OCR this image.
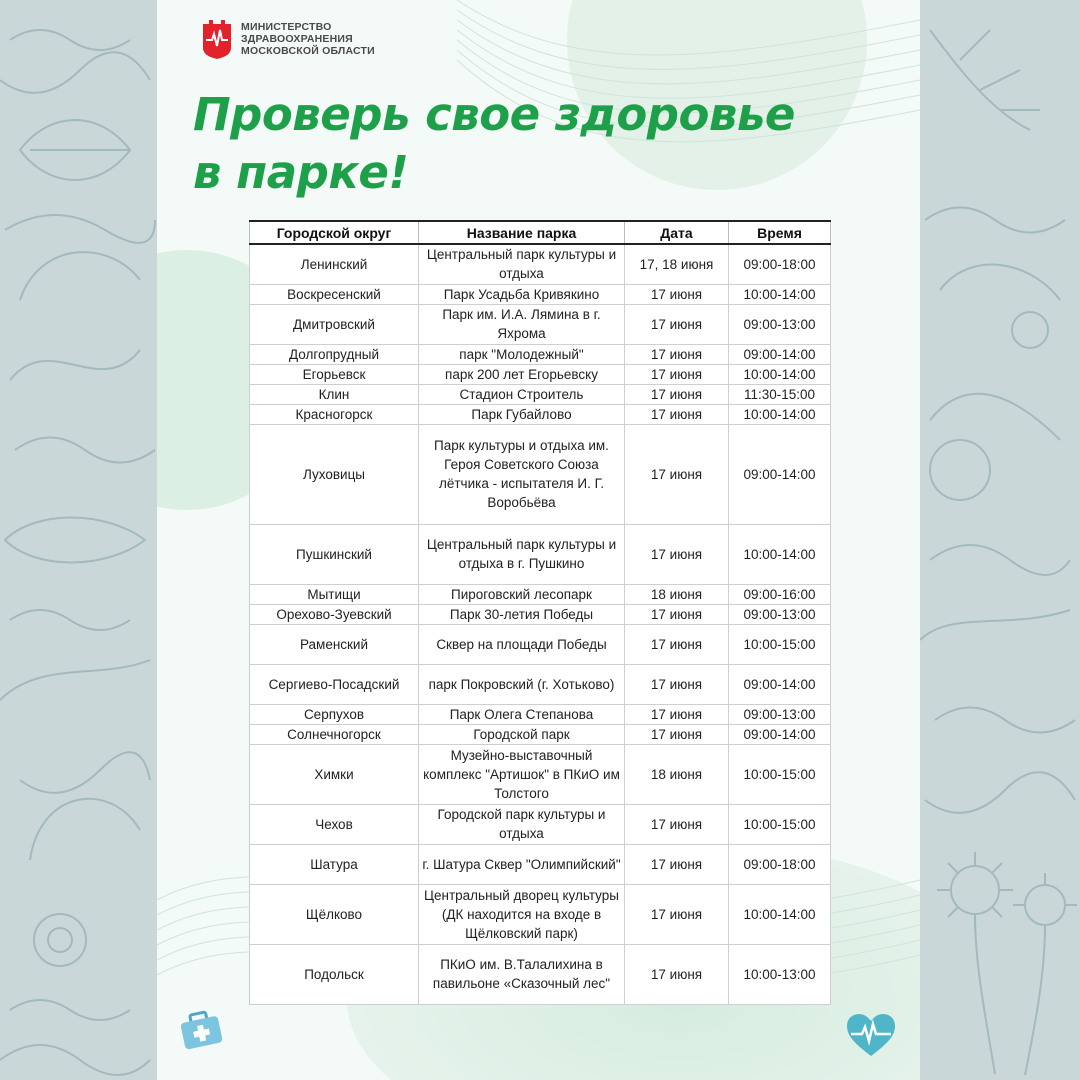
МИНИСТЕРСТВО
ЗДРАВООХРАНЕНИЯ
МОСКОВСКОЙ ОБЛАСТИ
Проверь свое здоровье
в парке!
Городской округ	Название парка	Дата	Время
Ленинский	Центральный парк культуры и отдыха	17, 18 июня	09:00-18:00
Воскресенский	Парк Усадьба Кривякино	17 июня	10:00-14:00
Дмитровский	Парк им. И.А. Лямина в г. Яхрома	17 июня	09:00-13:00
Долгопрудный	парк "Молодежный"	17 июня	09:00-14:00
Егорьевск	парк 200 лет Егорьевску	17 июня	10:00-14:00
Клин	Стадион Строитель	17 июня	11:30-15:00
Красногорск	Парк Губайлово	17 июня	10:00-14:00
Луховицы	Парк культуры и отдыха им. Героя Советского Союза лётчика - испытателя И. Г. Воробьёва	17 июня	09:00-14:00
Пушкинский	Центральный парк культуры и отдыха в г. Пушкино	17 июня	10:00-14:00
Мытищи	Пироговский лесопарк	18 июня	09:00-16:00
Орехово-Зуевский	Парк 30-летия Победы	17 июня	09:00-13:00
Раменский	Сквер на площади Победы	17 июня	10:00-15:00
Сергиево-Посадский	парк Покровский (г. Хотьково)	17 июня	09:00-14:00
Серпухов	Парк Олега Степанова	17 июня	09:00-13:00
Солнечногорск	Городской парк	17 июня	09:00-14:00
Химки	Музейно-выставочный комплекс "Артишок" в ПКиО им Толстого	18 июня	10:00-15:00
Чехов	Городской парк культуры и отдыха	17 июня	10:00-15:00
Шатура	г. Шатура Сквер "Олимпийский"	17 июня	09:00-18:00
Щёлково	Центральный дворец культуры (ДК находится на входе в Щёлковский парк)	17 июня	10:00-14:00
Подольск	ПКиО им. В.Талалихина в павильоне «Сказочный лес"	17 июня	10:00-13:00
